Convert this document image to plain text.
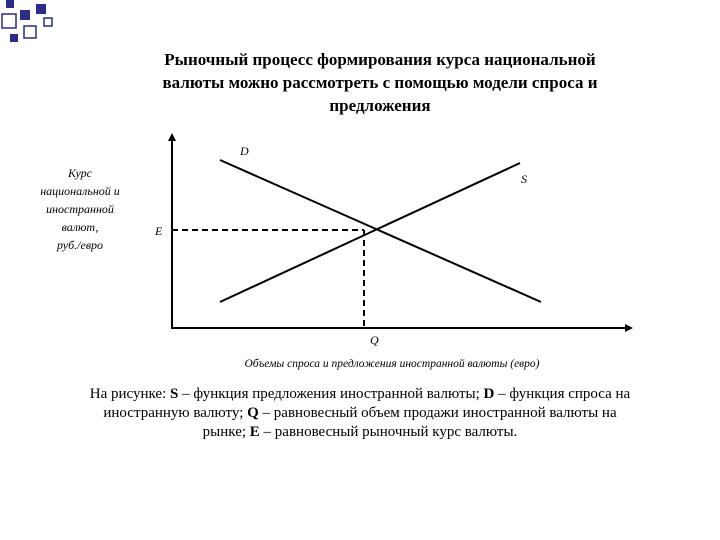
Рыночный процесс формирования курса национальной
валюты можно рассмотреть с помощью модели спроса и
предложения
Курс
национальной и
иностранной
валют,
руб./евро
D
S
E
Q
Объемы спроса и предложения иностранной валюты (евро)
На рисунке: S – функция предложения иностранной валюты; D – функция спроса на
иностранную валюту; Q – равновесный объем продажи иностранной валюты на
рынке; E – равновесный рыночный курс валюты.
